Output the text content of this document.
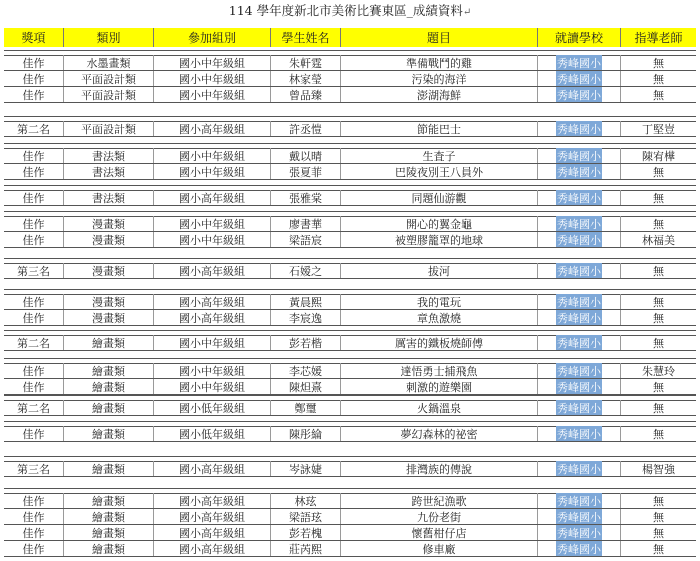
114 學年度新北市美術比賽東區_成績資料↵
獎項	類別	參加組別	學生姓名	題目	就讀學校	指導老師
佳作	水墨畫類	國小中年級組	朱軒霆	準備戰鬥的雞	秀峰國小	無
佳作	平面設計類	國小中年級組	林家瑩	污染的海洋	秀峰國小	無
佳作	平面設計類	國小中年級組	曾品臻	澎湖海鮮	秀峰國小	無
第二名	平面設計類	國小高年級組	許丞愷	節能巴士	秀峰國小	丁堅豈
佳作	書法類	國小中年級組	戴以晴	生査子	秀峰國小	陳宥樺
佳作	書法類	國小中年級組	張夏菲	巴陵夜別王八員外	秀峰國小	無
佳作	書法類	國小高年級組	張雅棠	同題仙游觀	秀峰國小	無
佳作	漫畫類	國小中年級組	廖書華	開心的翼金龜	秀峰國小	無
佳作	漫畫類	國小中年級組	梁語宸	被塑膠籠罩的地球	秀峰國小	林福美
第三名	漫畫類	國小高年級組	石嫒之	拔河	秀峰國小	無
佳作	漫畫類	國小高年級組	黃晨熙	我的電玩	秀峰國小	無
佳作	漫畫類	國小高年級組	李宸逸	章魚激燒	秀峰國小	無
第二名	繪畫類	國小中年級組	彭若楷	厲害的鐵板燒師傅	秀峰國小	無
佳作	繪畫類	國小中年級組	李芯媛	達悟勇士捕飛魚	秀峰國小	朱慧玲
佳作	繪畫類	國小中年級組	陳炟熹	刺激的遊樂園	秀峰國小	無
第二名	繪畫類	國小低年級組	鄭璽	火鍋溫泉	秀峰國小	無
佳作	繪畫類	國小低年級組	陳彤綸	夢幻森林的祕密	秀峰國小	無
第三名	繪畫類	國小高年級組	岑詠婕	排灣族的傳說	秀峰國小	楊智強
佳作	繪畫類	國小高年級組	林玹	跨世紀漁歌	秀峰國小	無
佳作	繪畫類	國小高年級組	梁語玹	九份老街	秀峰國小	無
佳作	繪畫類	國小高年級組	彭若槐	懷舊柑仔店	秀峰國小	無
佳作	繪畫類	國小高年級組	莊芮熙	修車廠	秀峰國小	無
